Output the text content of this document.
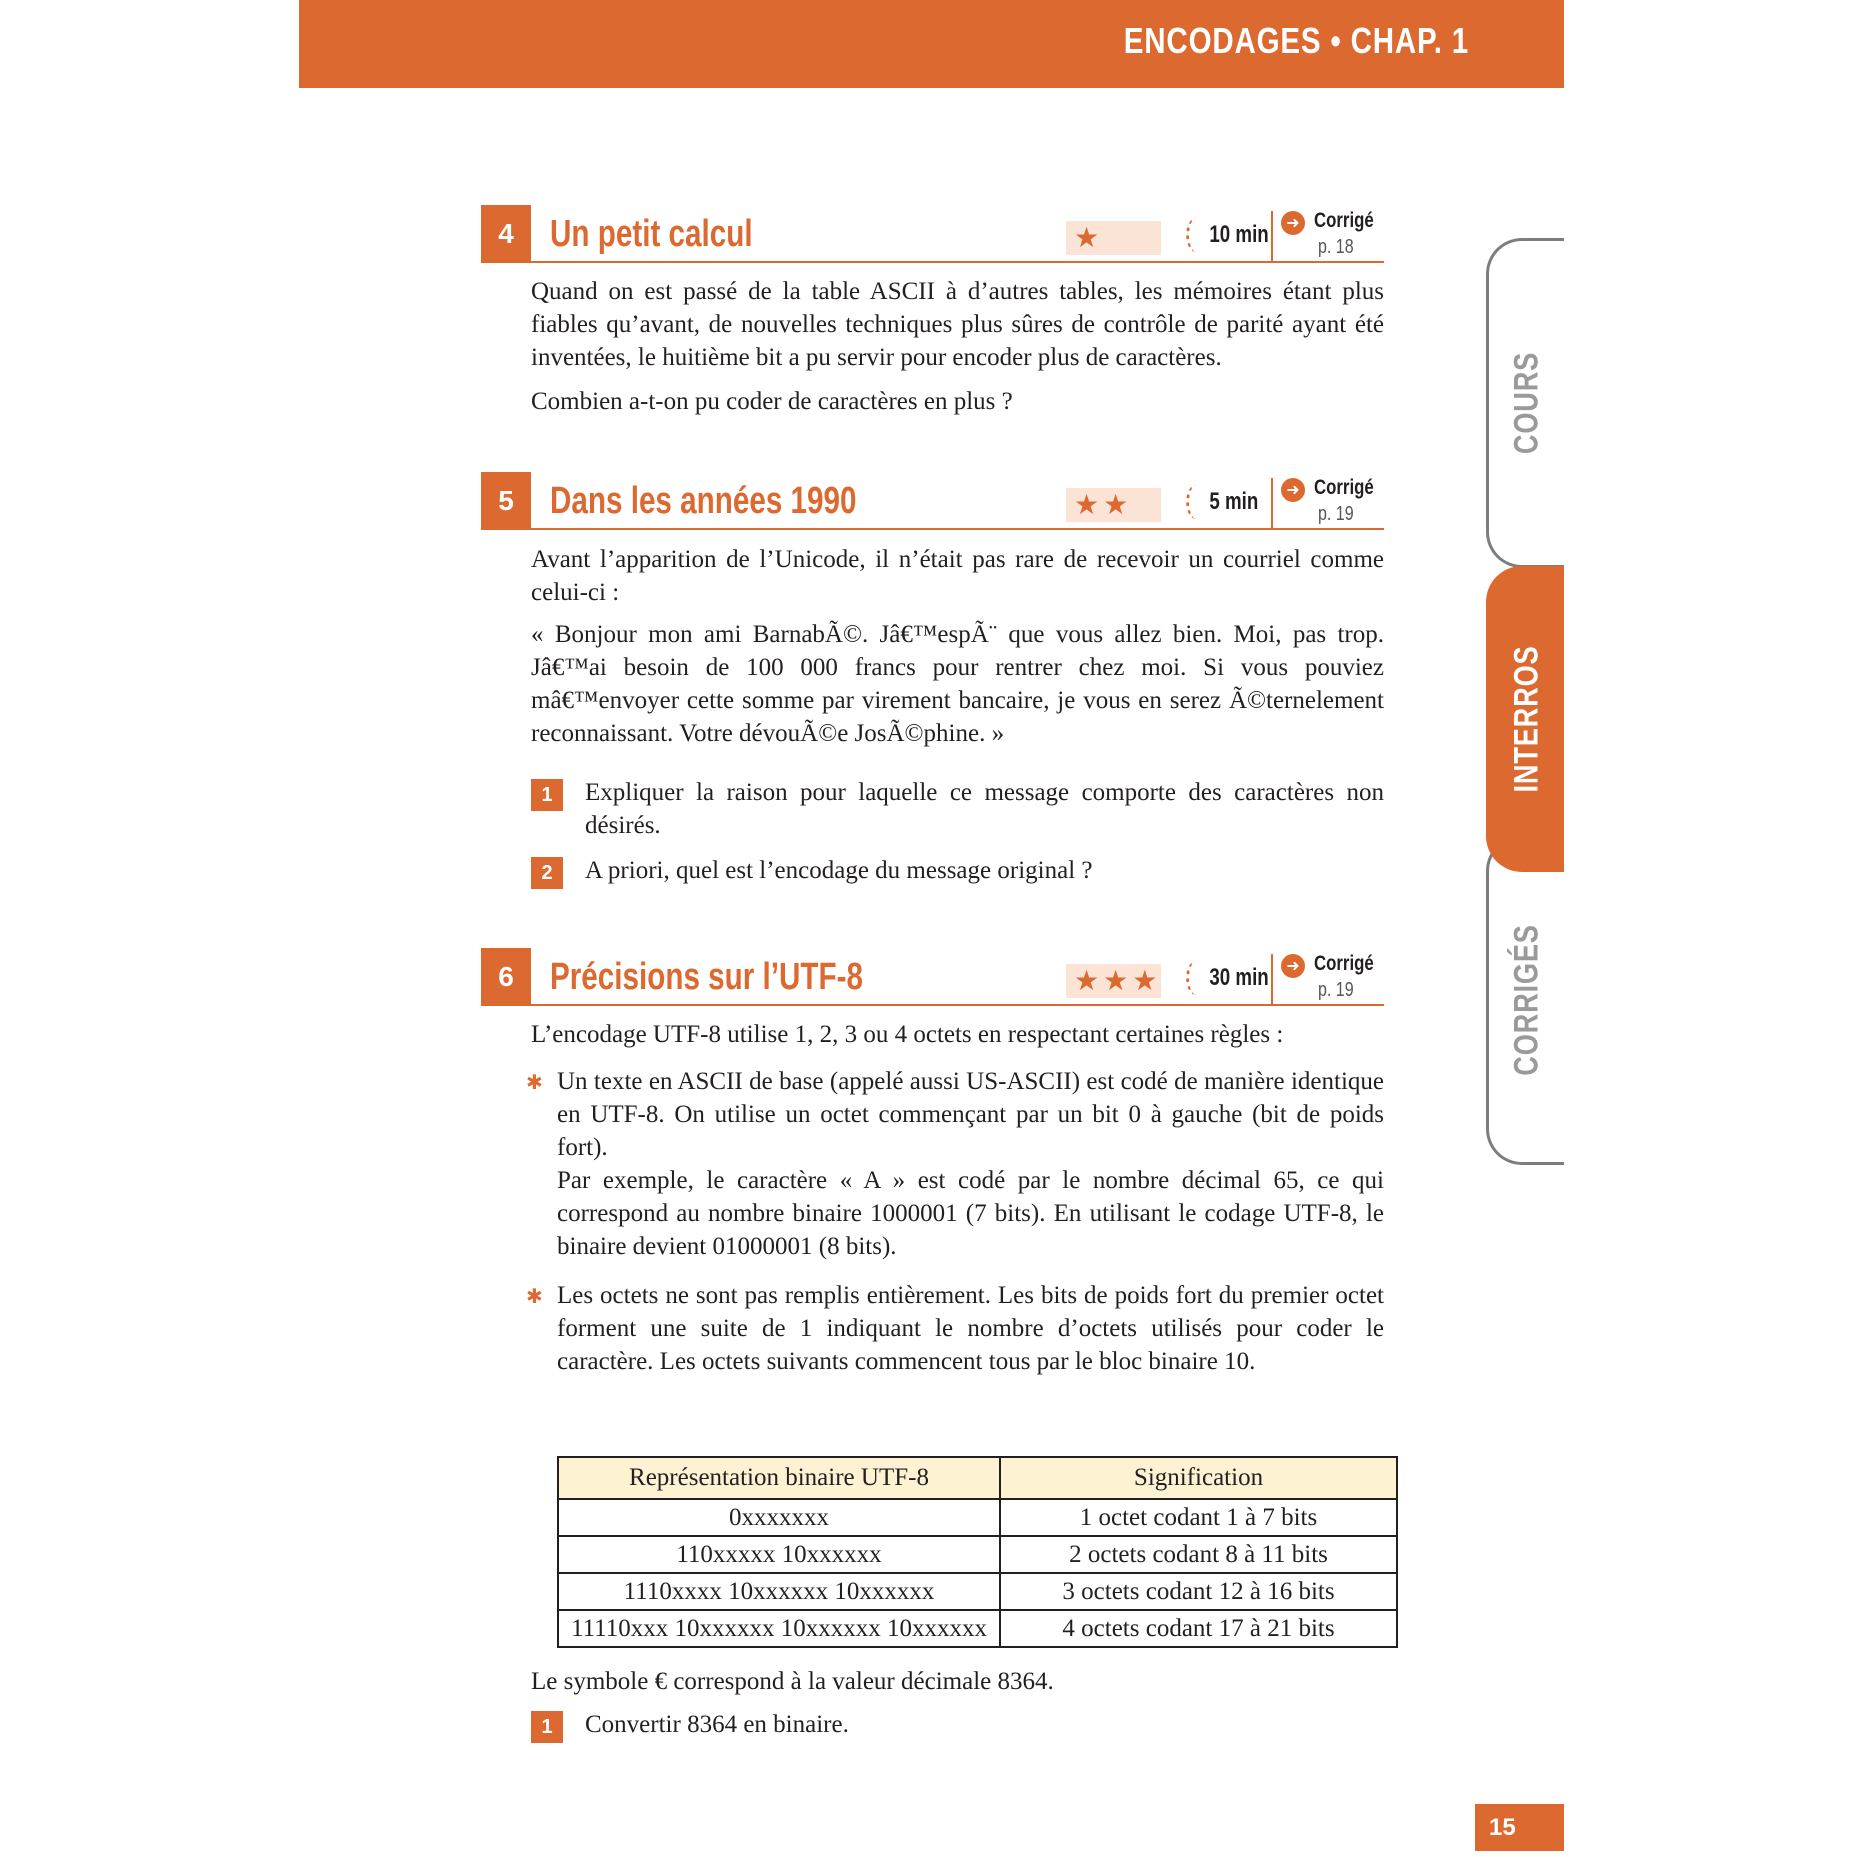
ENCODAGES • CHAP. 1
4 Un petit calcul	★	10 min	➜ Corrigé
p. 18

Quand on est passé de la table ASCII à d’autres tables, les mémoires étant plus fiables qu’avant, de nouvelles techniques plus sûres de contrôle de parité ayant été inventées, le huitième bit a pu servir pour encoder plus de caractères.

Combien a-t-on pu coder de caractères en plus ?

5 Dans les années 1990	★★	5 min	➜ Corrigé
p. 19

Avant l’apparition de l’Unicode, il n’était pas rare de recevoir un courriel comme celui-ci :

« Bonjour mon ami BarnabÃ©. Jâ€™espÃ¨ que vous allez bien. Moi, pas trop. Jâ€™ai besoin de 100 000 francs pour rentrer chez moi. Si vous pouviez mâ€™envoyer cette somme par virement bancaire, je vous en serez Ã©ternelement reconnaissant. Votre dévouÃ©e JosÃ©phine. »

1	Expliquer la raison pour laquelle ce message comporte des caractères non désirés.

2	A priori, quel est l’encodage du message original ?

6 Précisions sur l’UTF-8	★★★ 30 min	➜ Corrigé
p. 19

L’encodage UTF-8 utilise 1, 2, 3 ou 4 octets en respectant certaines règles :

✱ Un texte en ASCII de base (appelé aussi US-ASCII) est codé de manière identique en UTF-8. On utilise un octet commençant par un bit 0 à gauche (bit de poids fort).

Par exemple, le caractère « A » est codé par le nombre décimal 65, ce qui correspond au nombre binaire 1000001 (7 bits). En utilisant le codage UTF-8, le binaire devient 01000001 (8 bits).

✱ Les octets ne sont pas remplis entièrement. Les bits de poids fort du premier octet forment une suite de 1 indiquant le nombre d’octets utilisés pour coder le caractère. Les octets suivants commencent tous par le bloc binaire 10.

Représentation binaire UTF-8	Signification
0xxxxxxx	1 octet codant 1 à 7 bits
110xxxxx 10xxxxxx	2 octets codant 8 à 11 bits
1110xxxx 10xxxxxx 10xxxxxx	3 octets codant 12 à 16 bits
11110xxx 10xxxxxx 10xxxxxx 10xxxxxx	4 octets codant 17 à 21 bits

Le symbole € correspond à la valeur décimale 8364.

1	Convertir 8364 en binaire.

COURS
CORRIGÉS
INTERROS
15
